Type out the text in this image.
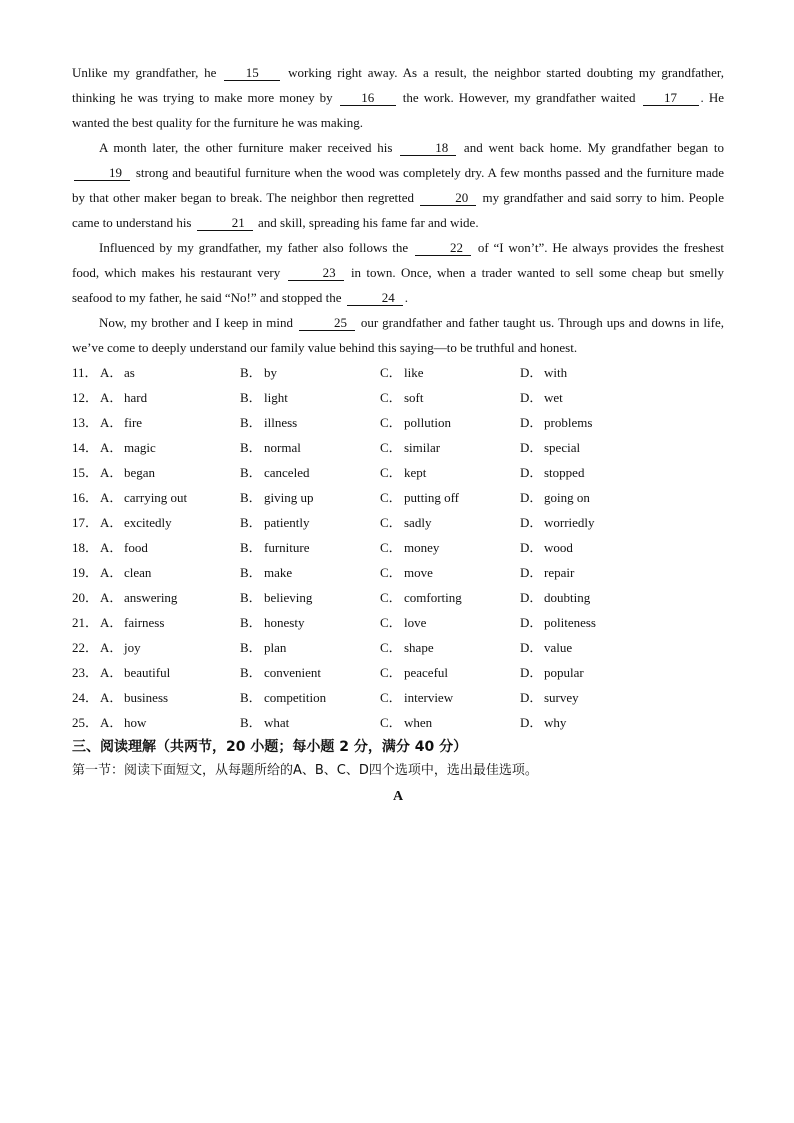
Unlike my grandfather, he 15 working right away. As a result, the neighbor started doubting my grandfather, thinking he was trying to make more money by 16 the work. However, my grandfather waited 17 . He wanted the best quality for the furniture he was making.

A month later, the other furniture maker received his	18 and went back home. My grandfather began to 19 strong and beautiful furniture when the wood was completely dry. A few months passed and the furniture made by that other maker began to break. The neighbor then regretted	20 my grandfather and said sorry to him. People came to understand his	21 and skill, spreading his fame far and wide.

Influenced by my grandfather, my father also follows the	22 of “I won’t”. He always provides the freshest food, which makes his restaurant very	23 in town. Once, when a trader wanted to sell some cheap but smelly seafood to my father, he said “No!” and stopped the	24 .

Now, my brother and I keep in mind	25 our grandfather and father taught us. Through ups and downs in life, we’ve come to deeply understand our family value behind this saying—to be truthful and honest.

11． A． as	B． by	C． like	D． with
12． A． hard	B． light	C． soft	D． wet
13． A． fire	B． illness	C． pollution	D． problems
14． A． magic	B． normal	C． similar	D． special
15． A． began	B． canceled	C． kept	D． stopped
16． A． carrying out	B． giving up	C． putting off	D． going on
17． A． excitedly	B． patiently	C． sadly	D． worriedly
18． A． food	B． furniture	C． money	D． wood
19． A． clean	B． make	C． move	D． repair
20． A． answering	B． believing	C． comforting	D． doubting
21． A． fairness	B． honesty	C． love	D． politeness
22． A． joy	B． plan	C． shape	D． value
23． A． beautiful	B． convenient	C． peaceful	D． popular
24． A． business	B． competition	C． interview	D． survey
25． A． how	B． what	C． when	D． why

三、阅读理解（共两节，20 小题；每小题 2 分，满分 40 分）

第一节：阅读下面短文，从每题所给的A、B、C、D四个选项中，选出最佳选项。

A
